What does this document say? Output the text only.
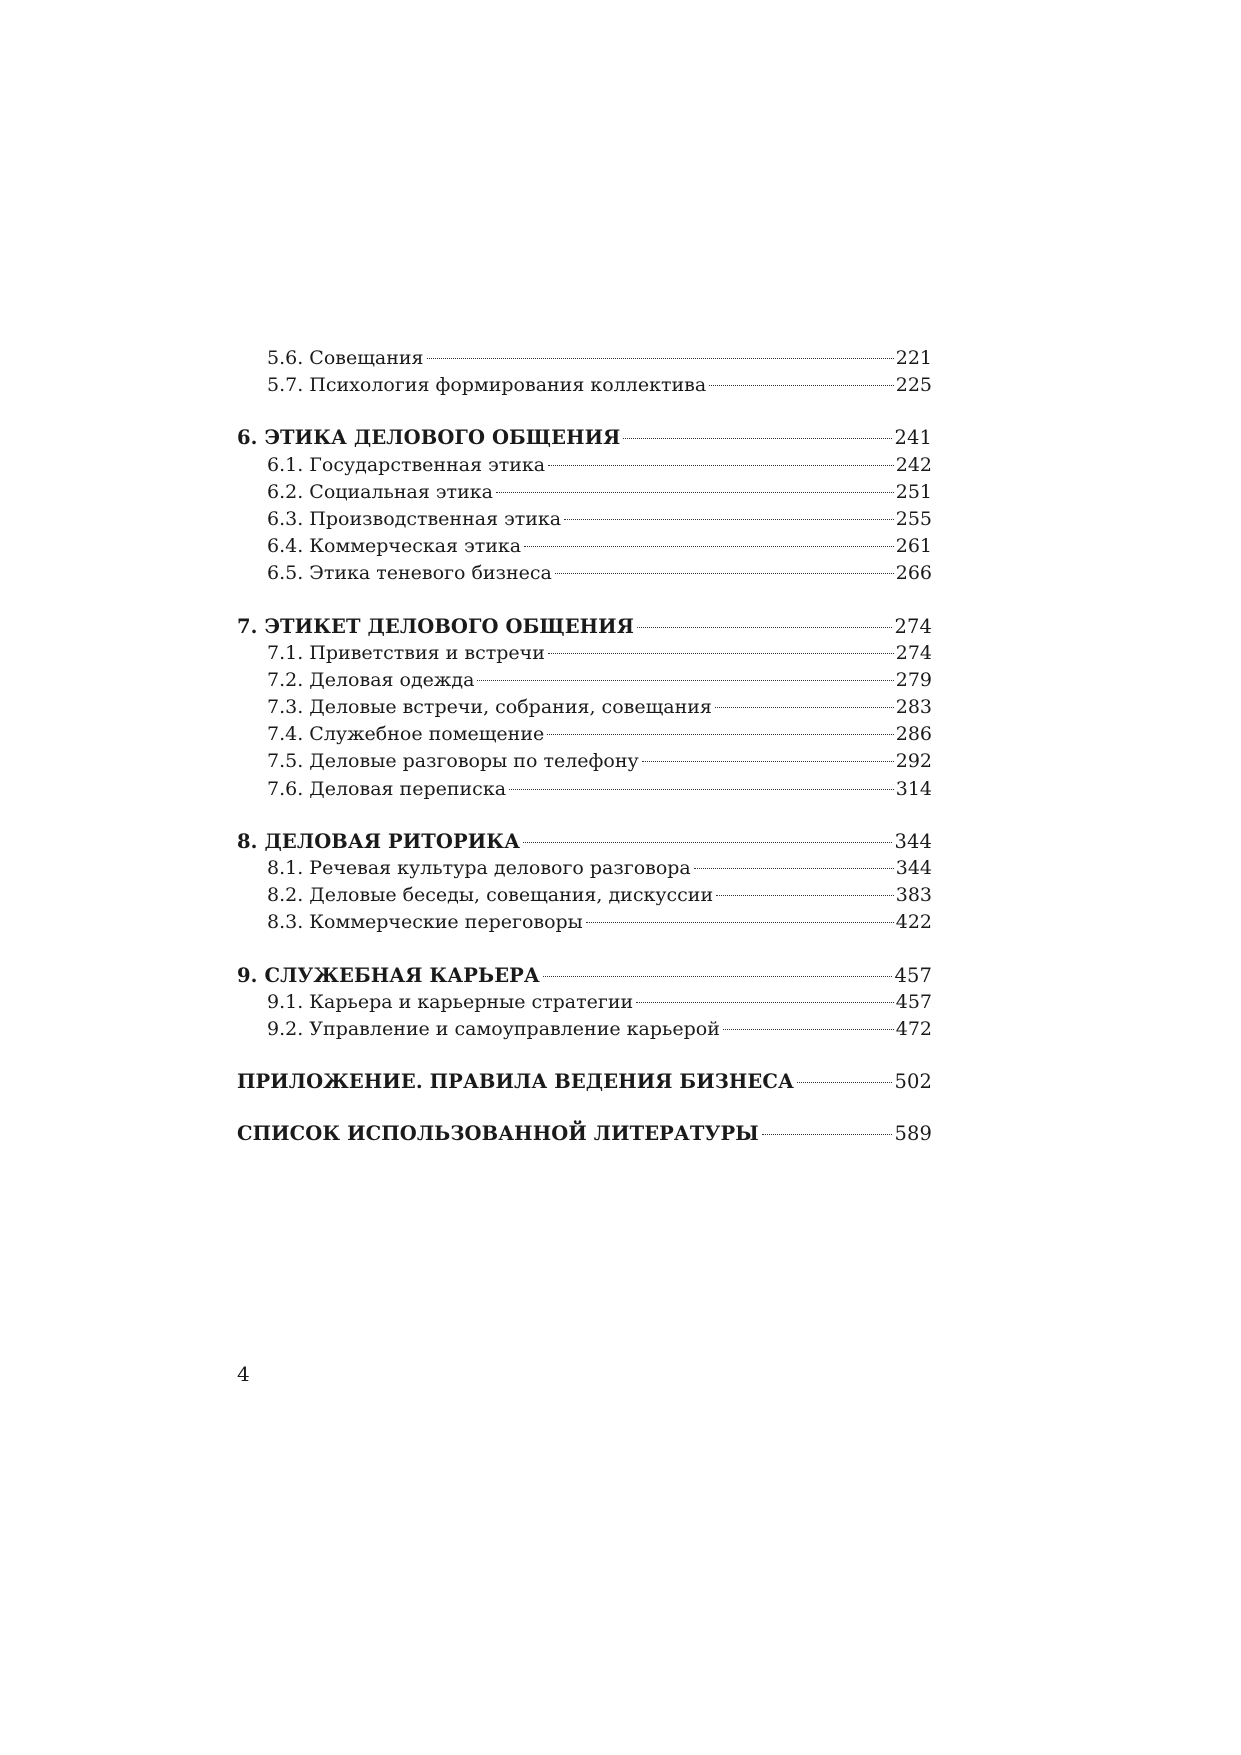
5.6. Совещания	221
5.7. Психология формирования коллектива	225
6. ЭТИКА ДЕЛОВОГО ОБЩЕНИЯ	241
6.1. Государственная этика	242
6.2. Социальная этика	251
6.3. Производственная этика	255
6.4. Коммерческая этика	261
6.5. Этика теневого бизнеса	266
7. ЭТИКЕТ ДЕЛОВОГО ОБЩЕНИЯ	274
7.1. Приветствия и встречи	274
7.2. Деловая одежда	279
7.3. Деловые встречи, собрания, совещания	283
7.4. Служебное помещение	286
7.5. Деловые разговоры по телефону	292
7.6. Деловая переписка	314
8. ДЕЛОВАЯ РИТОРИКА	344
8.1. Речевая культура делового разговора	344
8.2. Деловые беседы, совещания, дискуссии	383
8.3. Коммерческие переговоры	422
9. СЛУЖЕБНАЯ КАРЬЕРА	457
9.1. Карьера и карьерные стратегии	457
9.2. Управление и самоуправление карьерой	472
ПРИЛОЖЕНИЕ. ПРАВИЛА ВЕДЕНИЯ БИЗНЕСА	502
СПИСОК ИСПОЛЬЗОВАННОЙ ЛИТЕРАТУРЫ	589
4
